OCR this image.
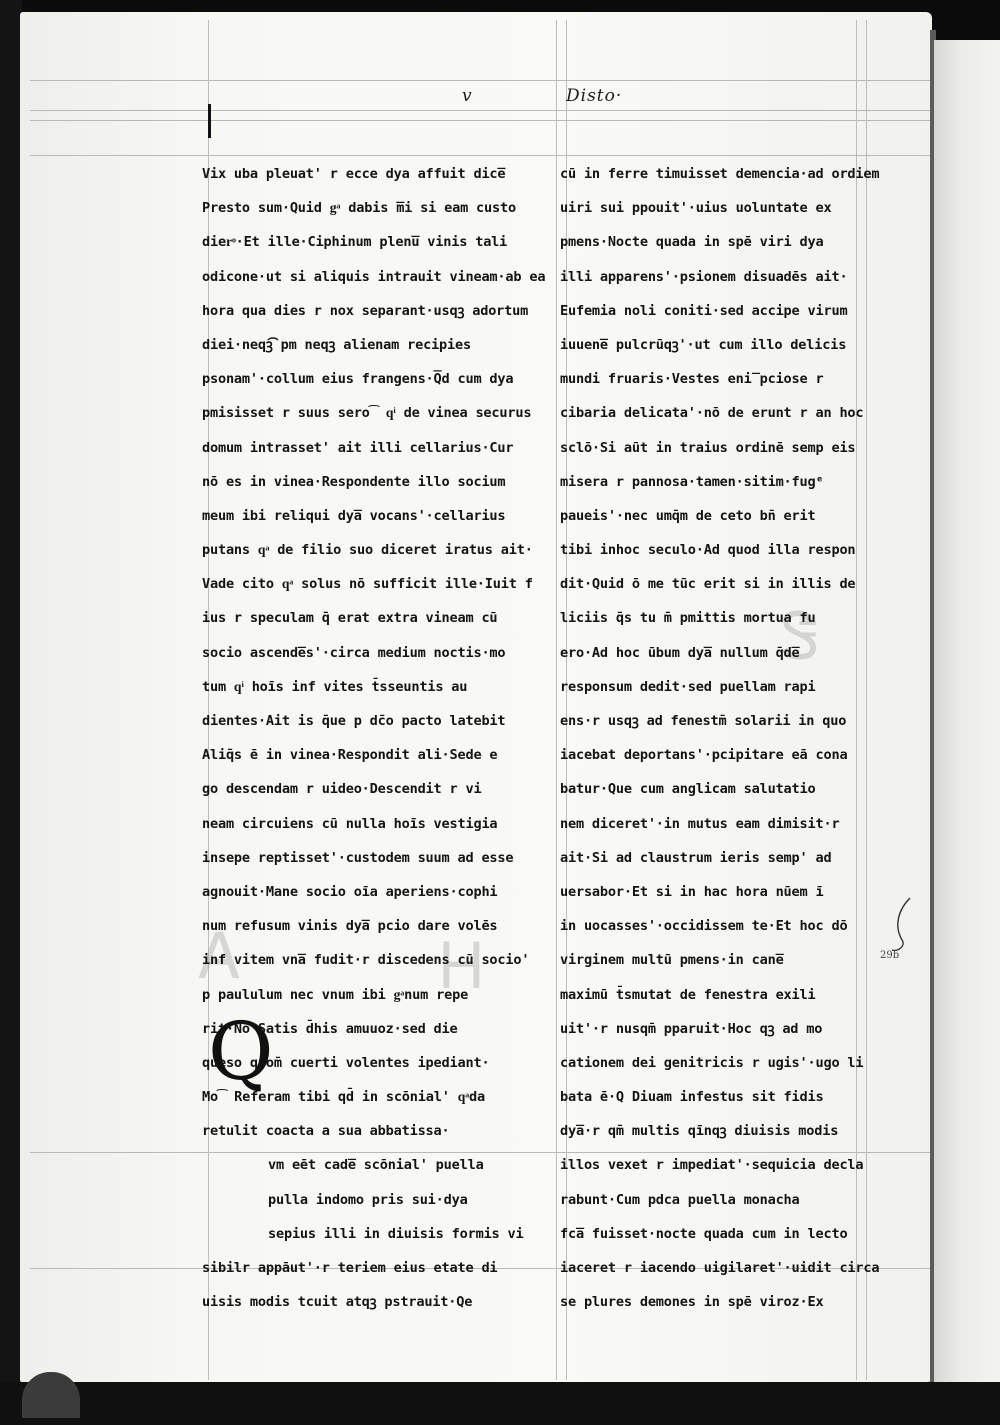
v	Disto·
Ꭺ	Ꮋ
Ꮥ
Vix uba pleuat' r ecce dya affuit dice̅
Presto sum·Quid gͣ dabis m̅i si eam custo
dierͦ·Et ille·Ciphinum plenu̅ vinis tali
odicone·ut si aliquis intrauit vineam·ab ea
hora qua dies r nox separant·usqꝫ adortum
diei·neqꝫ͡ pm neqꝫ alienam recipies
psonam'·collum eius frangens·Q̅d cum dya
pmisisset r suus sero͡ qͥ de vinea securus
domum intrasset' ait illi cellarius·Cur
nō es in vinea·Respondente illo socium
meum ibi reliqui dya̅ vocans'·cellarius
putans qͣ de filio suo diceret iratus ait·
Vade cito qͣ solus nō sufficit ille·Iuit f
ius r speculam q̄ erat extra vineam cū
socio ascende̅s'·circa medium noctis·mo
tum qͥ hoīs inf vites t̄sseuntis au
dientes·Ait is q̄ue p dc̄o pacto latebit
Aliq̄s ē in vinea·Respondit ali·Sede e
go descendam r uideo·Descendit r vi
neam circuiens cū nulla hoīs vestigia
insepe reptisset'·custodem suum ad esse
agnouit·Mane socio oīa aperiens·cophi
num refusum vinis dya̅ pcio dare volēs
inf vitem vna̅ fudit·r discedens cū socio'
p paululum nec vnum ibi gͣnum repe
rit·Nō Satis d̄his amuuoz·sed die
queso quom̄ cuerti volentes ipediant·
Mo͡ Referam tibi qd̄ in scōnial' qͣda
retulit coacta a sua abbatissa·
vm eēt cade̅ scōnial' puella
pulla indomo pris sui·dya
sepius illi in diuisis formis vi
sibilr appāut'·r teriem eius etate di
uisis modis tcuit atqꝫ pstrauit·Qe
Q
cū in ferre timuisset demencia·ad ordiem
uiri sui ppouit'·uius uoluntate ex
pmens·Nocte quada in spē viri dya
illi apparens'·psionem disuadēs ait·
Eufemia noli coniti·sed accipe virum
iuuene̅ pulcrūqꝫ'·ut cum illo delicis
mundi fruaris·Vestes eni̅ pciose r
cibaria delicata'·nō de erunt r an hoc
sclō·Si aūt in traius ordinē semp eis
misera r pannosa·tamen·sitim·fugᵉ
paueis'·nec umq̄m de ceto bn̄ erit
tibi inhoc seculo·Ad quod illa respon
dit·Quid ō me tūc erit si in illis de
liciis q̄s tu m̄ pmittis mortua fu
ero·Ad hoc ūbum dya̅ nullum q̄de̅
responsum dedit·sed puellam rapi
ens·r usqꝫ ad fenestm̄ solarii in quo
iacebat deportans'·pcipitare eā cona
batur·Que cum anglicam salutatio
nem diceret'·in mutus eam dimisit·r
ait·Si ad claustrum ieris semp' ad
uersabor·Et si in hac hora nūem ī
in uocasses'·occidissem te·Et hoc dō
virginem multū pmens·in cane̅
maximū t̄smutat de fenestra exili
uit'·r nusqm̄ pparuit·Hoc qꝫ ad mo
cationem dei genitricis r ugis'·ugo li
bata ē·Q Diuam infestus sit fidis
dya̅·r qm̄ multis qīnqꝫ diuisis modis
illos vexet r impediat'·sequicia decla
rabunt·Cum pdca puella monacha
fca̅ fuisset·nocte quada cum in lecto
iaceret r iacendo uigilaret'·uidit circa
se plures demones in spē viroz·Ex
29b
